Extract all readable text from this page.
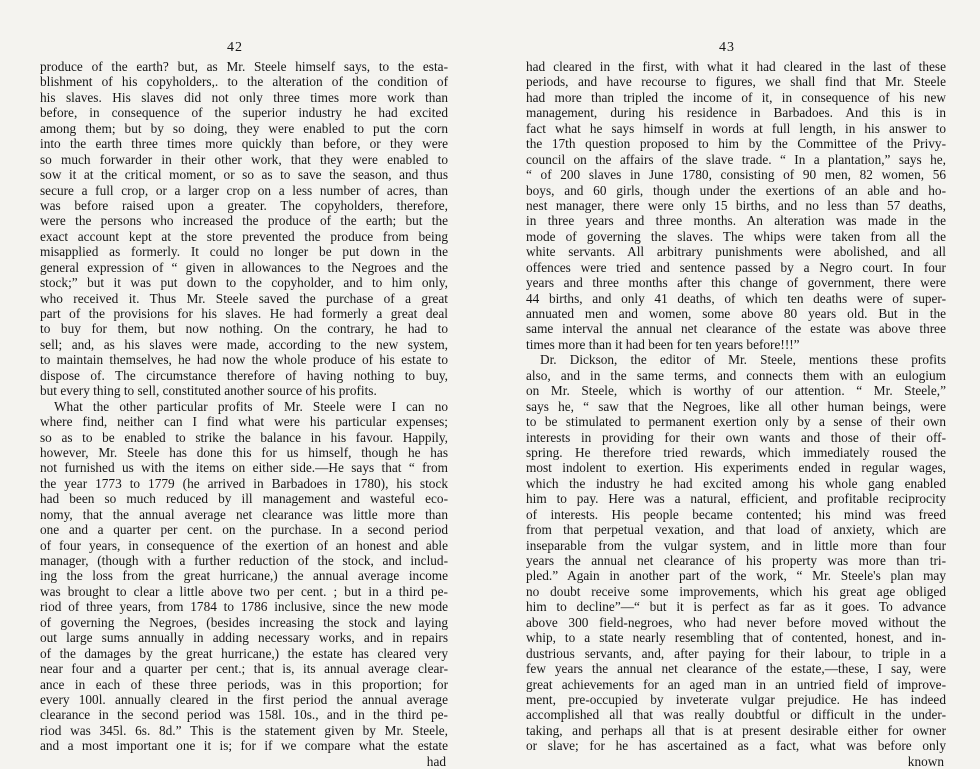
42
produce of the earth? but, as Mr. Steele himself says, to the esta-
blishment of his copyholders,. to the alteration of the condition of
his slaves. His slaves did not only three times more work than
before, in consequence of the superior industry he had excited
among them; but by so doing, they were enabled to put the corn
into the earth three times more quickly than before, or they were
so much forwarder in their other work, that they were enabled to
sow it at the critical moment, or so as to save the season, and thus
secure a full crop, or a larger crop on a less number of acres, than
was before raised upon a greater. The copyholders, therefore,
were the persons who increased the produce of the earth; but the
exact account kept at the store prevented the produce from being
misapplied as formerly. It could no longer be put down in the
general expression of “ given in allowances to the Negroes and the
stock;” but it was put down to the copyholder, and to him only,
who received it. Thus Mr. Steele saved the purchase of a great
part of the provisions for his slaves. He had formerly a great deal
to buy for them, but now nothing. On the contrary, he had to
sell; and, as his slaves were made, according to the new system,
to maintain themselves, he had now the whole produce of his estate to
dispose of. The circumstance therefore of having nothing to buy,
but every thing to sell, constituted another source of his profits.
What the other particular profits of Mr. Steele were I can no
where find, neither can I find what were his particular expenses;
so as to be enabled to strike the balance in his favour. Happily,
however, Mr. Steele has done this for us himself, though he has
not furnished us with the items on either side.—He says that “ from
the year 1773 to 1779 (he arrived in Barbadoes in 1780), his stock
had been so much reduced by ill management and wasteful eco-
nomy, that the annual average net clearance was little more than
one and a quarter per cent. on the purchase. In a second period
of four years, in consequence of the exertion of an honest and able
manager, (though with a further reduction of the stock, and includ-
ing the loss from the great hurricane,) the annual average income
was brought to clear a little above two per cent. ; but in a third pe-
riod of three years, from 1784 to 1786 inclusive, since the new mode
of governing the Negroes, (besides increasing the stock and laying
out large sums annually in adding necessary works, and in repairs
of the damages by the great hurricane,) the estate has cleared very
near four and a quarter per cent.; that is, its annual average clear-
ance in each of these three periods, was in this proportion; for
every 100l. annually cleared in the first period the annual average
clearance in the second period was 158l. 10s., and in the third pe-
riod was 345l. 6s. 8d.” This is the statement given by Mr. Steele,
and a most important one it is; for if we compare what the estate
had
43
had cleared in the first, with what it had cleared in the last of these
periods, and have recourse to figures, we shall find that Mr. Steele
had more than tripled the income of it, in consequence of his new
management, during his residence in Barbadoes. And this is in
fact what he says himself in words at full length, in his answer to
the 17th question proposed to him by the Committee of the Privy-
council on the affairs of the slave trade. “ In a plantation,” says he,
“ of 200 slaves in June 1780, consisting of 90 men, 82 women, 56
boys, and 60 girls, though under the exertions of an able and ho-
nest manager, there were only 15 births, and no less than 57 deaths,
in three years and three months. An alteration was made in the
mode of governing the slaves. The whips were taken from all the
white servants. All arbitrary punishments were abolished, and all
offences were tried and sentence passed by a Negro court. In four
years and three months after this change of government, there were
44 births, and only 41 deaths, of which ten deaths were of super-
annuated men and women, some above 80 years old. But in the
same interval the annual net clearance of the estate was above three
times more than it had been for ten years before!!!”
Dr. Dickson, the editor of Mr. Steele, mentions these profits
also, and in the same terms, and connects them with an eulogium
on Mr. Steele, which is worthy of our attention. “ Mr. Steele,”
says he, “ saw that the Negroes, like all other human beings, were
to be stimulated to permanent exertion only by a sense of their own
interests in providing for their own wants and those of their off-
spring. He therefore tried rewards, which immediately roused the
most indolent to exertion. His experiments ended in regular wages,
which the industry he had excited among his whole gang enabled
him to pay. Here was a natural, efficient, and profitable reciprocity
of interests. His people became contented; his mind was freed
from that perpetual vexation, and that load of anxiety, which are
inseparable from the vulgar system, and in little more than four
years the annual net clearance of his property was more than tri-
pled.” Again in another part of the work, “ Mr. Steele's plan may
no doubt receive some improvements, which his great age obliged
him to decline”—“ but it is perfect as far as it goes. To advance
above 300 field-negroes, who had never before moved without the
whip, to a state nearly resembling that of contented, honest, and in-
dustrious servants, and, after paying for their labour, to triple in a
few years the annual net clearance of the estate,—these, I say, were
great achievements for an aged man in an untried field of improve-
ment, pre-occupied by inveterate vulgar prejudice. He has indeed
accomplished all that was really doubtful or difficult in the under-
taking, and perhaps all that is at present desirable either for owner
or slave; for he has ascertained as a fact, what was before only
known
